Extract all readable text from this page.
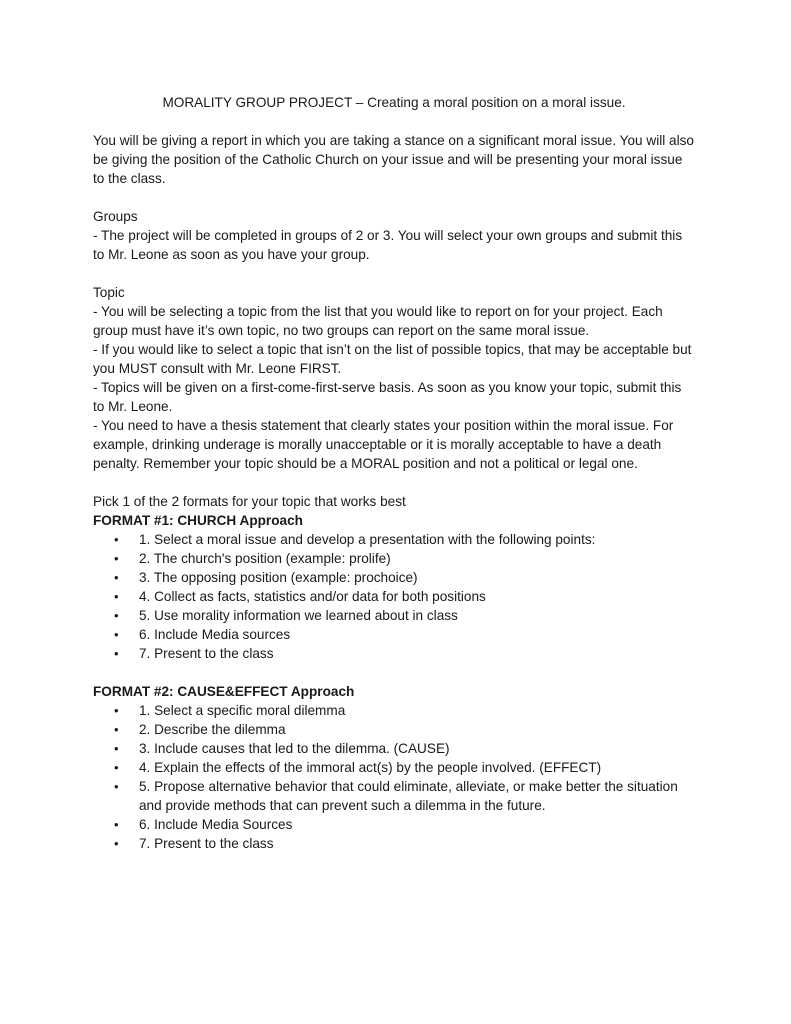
MORALITY GROUP PROJECT – Creating a moral position on a moral issue.

You will be giving a report in which you are taking a stance on a significant moral issue. You will also be giving the position of the Catholic Church on your issue and will be presenting your moral issue to the class.

Groups

- The project will be completed in groups of 2 or 3. You will select your own groups and submit this to Mr. Leone as soon as you have your group.

Topic

- You will be selecting a topic from the list that you would like to report on for your project. Each group must have it’s own topic, no two groups can report on the same moral issue.

- If you would like to select a topic that isn’t on the list of possible topics, that may be acceptable but you MUST consult with Mr. Leone FIRST.

- Topics will be given on a first-come-first-serve basis. As soon as you know your topic, submit this to Mr. Leone.

- You need to have a thesis statement that clearly states your position within the moral issue. For example, drinking underage is morally unacceptable or it is morally acceptable to have a death penalty. Remember your topic should be a MORAL position and not a political or legal one.

Pick 1 of the 2 formats for your topic that works best

FORMAT #1: CHURCH Approach

• 1. Select a moral issue and develop a presentation with the following points:
• 2. The church's position (example: prolife)
• 3. The opposing position (example: prochoice)
• 4. Collect as facts, statistics and/or data for both positions
• 5. Use morality information we learned about in class
• 6. Include Media sources
• 7. Present to the class

FORMAT #2: CAUSE&EFFECT Approach

• 1. Select a specific moral dilemma
• 2. Describe the dilemma
• 3. Include causes that led to the dilemma. (CAUSE)
• 4. Explain the effects of the immoral act(s) by the people involved. (EFFECT)
• 5. Propose alternative behavior that could eliminate, alleviate, or make better the situation and provide methods that can prevent such a dilemma in the future.
• 6. Include Media Sources
• 7. Present to the class
